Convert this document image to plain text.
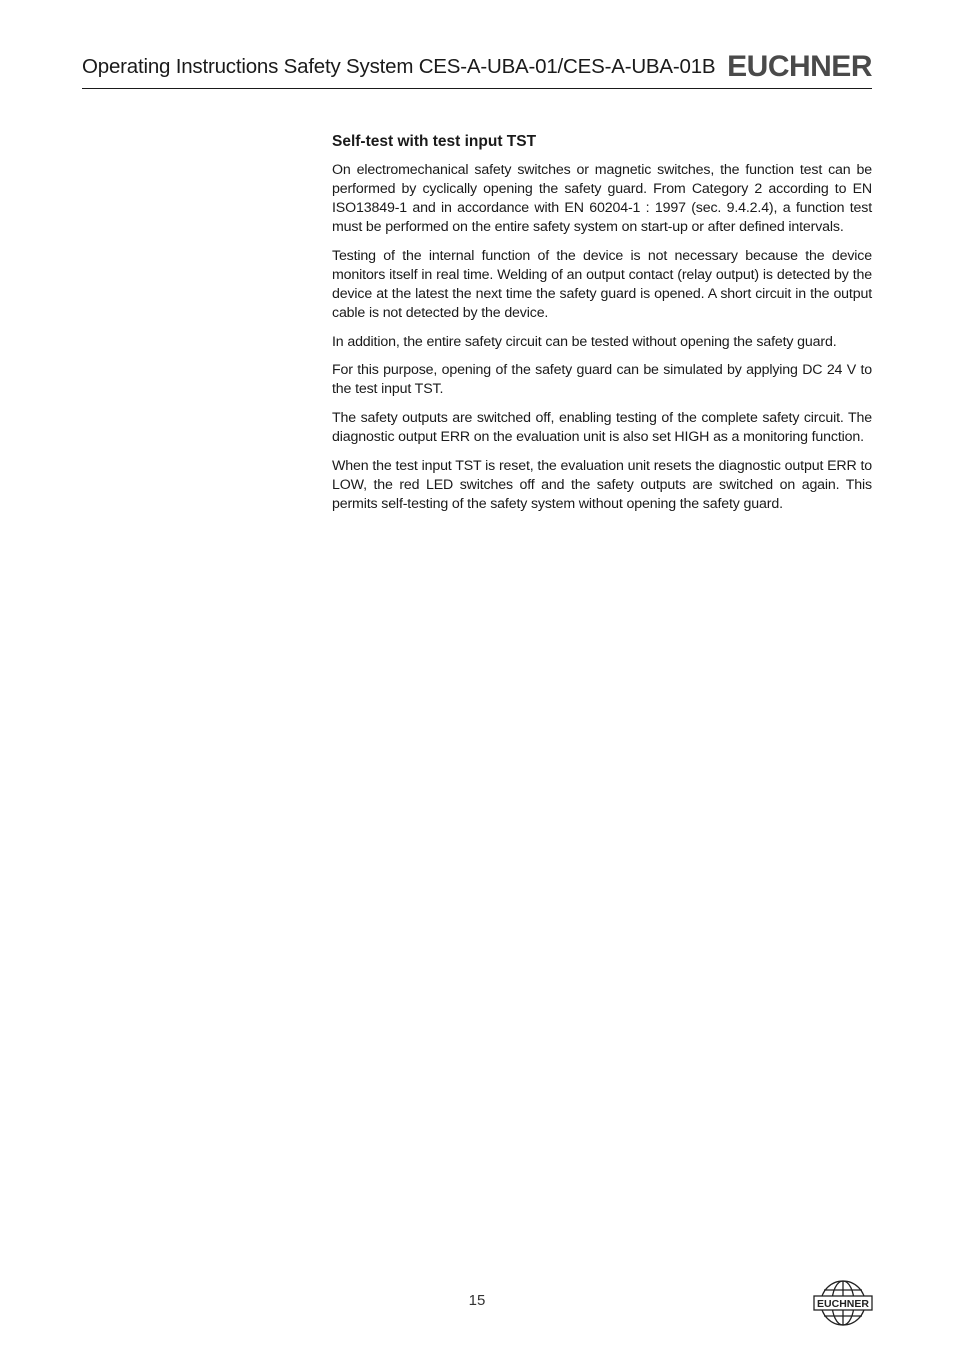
Operating Instructions Safety System CES-A-UBA-01/CES-A-UBA-01B EUCHNER
Self-test with test input TST

On electromechanical safety switches or magnetic switches, the function test can be performed by cyclically opening the safety guard. From Category 2 according to EN ISO13849-1 and in accordance with EN 60204-1 : 1997 (sec. 9.4.2.4), a function test must be performed on the entire safety system on start-up or after defined intervals.

Testing of the internal function of the device is not necessary because the device monitors itself in real time. Welding of an output contact (relay output) is detected by the device at the latest the next time the safety guard is opened. A short circuit in the output cable is not detected by the device.

In addition, the entire safety circuit can be tested without opening the safety guard.

For this purpose, opening of the safety guard can be simulated by applying DC 24 V to the test input TST.

The safety outputs are switched off, enabling testing of the complete safety circuit. The diagnostic output ERR on the evaluation unit is also set HIGH as a monitoring function.

When the test input TST is reset, the evaluation unit resets the diagnostic output ERR to LOW, the red LED switches off and the safety outputs are switched on again. This permits self-testing of the safety system without opening the safety guard.

15	EUCHNER
